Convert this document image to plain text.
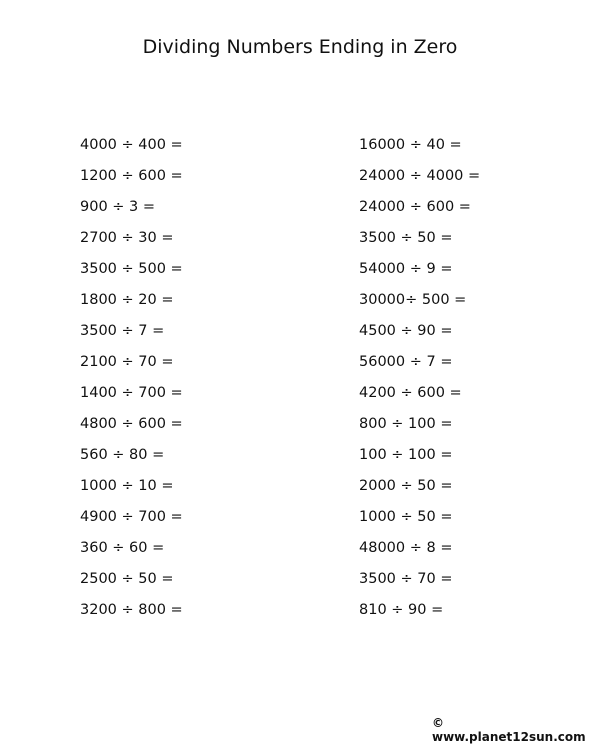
Dividing Numbers Ending in Zero
4000 ÷ 400 =
1200 ÷ 600 =
900 ÷ 3 =
2700 ÷ 30 =
3500 ÷ 500 =
1800 ÷ 20 =
3500 ÷ 7 =
2100 ÷ 70 =
1400 ÷ 700 =
4800 ÷ 600 =
560 ÷ 80 =
1000 ÷ 10 =
4900 ÷ 700 =
360 ÷ 60 =
2500 ÷ 50 =
3200 ÷ 800 =
16000 ÷ 40 =
24000 ÷ 4000 =
24000 ÷ 600 =
3500 ÷ 50 =
54000 ÷ 9 =
30000÷ 500 =
4500 ÷ 90 =
56000 ÷ 7 =
4200 ÷ 600 =
800 ÷ 100 =
100 ÷ 100 =
2000 ÷ 50 =
1000 ÷ 50 =
48000 ÷ 8 =
3500 ÷ 70 =
810 ÷ 90 =
© www.planet12sun.com
